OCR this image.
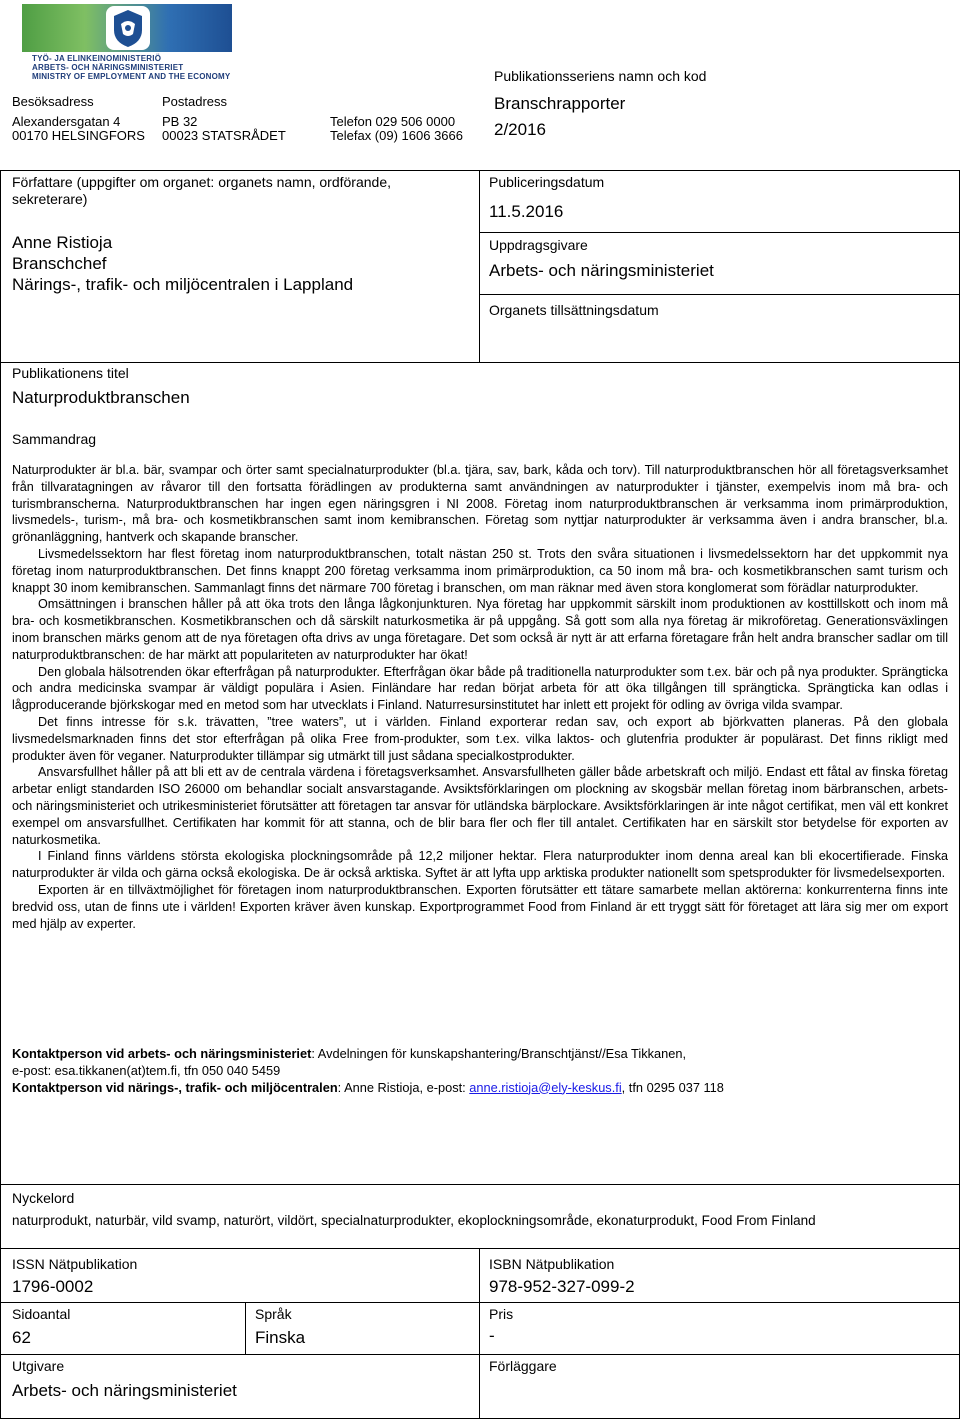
TYÖ- JA ELINKEINOMINISTERIÖ
ARBETS- OCH NÄRINGSMINISTERIET
MINISTRY OF EMPLOYMENT AND THE ECONOMY
Besöksadress
Alexandersgatan 4
00170 HELSINGFORS
Postadress
PB 32
00023 STATSRÅDET
Telefon 029 506 0000
Telefax (09) 1606 3666
Publikationsseriens namn och kod
Branschrapporter
2/2016
Författare (uppgifter om organet: organets namn, ordförande,
sekreterare)
Anne Ristioja
Branschchef
Närings-, trafik- och miljöcentralen i Lappland
Publiceringsdatum
11.5.2016
Uppdragsgivare
Arbets- och näringsministeriet
Organets tillsättningsdatum
Publikationens titel
Naturproduktbranschen
Sammandrag

Naturprodukter är bl.a. bär, svampar och örter samt specialnaturprodukter (bl.a. tjära, sav, bark, kåda och torv). Till naturproduktbranschen hör all företagsverksamhet från tillvaratagningen av råvaror till den fortsatta förädlingen av produkterna samt användningen av naturprodukter i tjänster, exempelvis inom må bra- och turismbranscherna. Naturproduktbranschen har ingen egen näringsgren i NI 2008. Företag inom naturproduktbranschen är verksamma inom primärproduktion, livsmedels-, turism-, må bra- och kosmetikbranschen samt inom kemibranschen. Företag som nyttjar naturprodukter är verksamma även i andra branscher, bl.a. grönanläggning, hantverk och skapande branscher.

Livsmedelssektorn har flest företag inom naturproduktbranschen, totalt nästan 250 st. Trots den svåra situationen i livsmedelssektorn har det uppkommit nya företag inom naturproduktbranschen. Det finns knappt 200 företag verksamma inom primärproduktion, ca 50 inom må bra- och kosmetikbranschen samt turism och knappt 30 inom kemibranschen. Sammanlagt finns det närmare 700 företag i branschen, om man räknar med även stora konglomerat som förädlar naturprodukter.

Omsättningen i branschen håller på att öka trots den långa lågkonjunkturen. Nya företag har uppkommit särskilt inom produktionen av kosttillskott och inom må bra- och kosmetikbranschen. Kosmetikbranschen och då särskilt naturkosmetika är på uppgång. Så gott som alla nya företag är mikroföretag. Generationsväxlingen inom branschen märks genom att de nya företagen ofta drivs av unga företagare. Det som också är nytt är att erfarna företagare från helt andra branscher sadlar om till naturproduktbranschen: de har märkt att populariteten av naturprodukter har ökat!

Den globala hälsotrenden ökar efterfrågan på naturprodukter. Efterfrågan ökar både på traditionella naturprodukter som t.ex. bär och på nya produkter. Sprängticka och andra medicinska svampar är väldigt populära i Asien. Finländare har redan börjat arbeta för att öka tillgången till sprängticka. Sprängticka kan odlas i lågproducerande björkskogar med en metod som har utvecklats i Finland. Naturresursinstitutet har inlett ett projekt för odling av övriga vilda svampar.

Det finns intresse för s.k. trävatten, ”tree waters”, ut i världen. Finland exporterar redan sav, och export ab björkvatten planeras. På den globala livsmedelsmarknaden finns det stor efterfrågan på olika Free from-produkter, som t.ex. vilka laktos- och glutenfria produkter är populärast. Det finns rikligt med produkter även för veganer. Naturprodukter tillämpar sig utmärkt till just sådana specialkostprodukter.

Ansvarsfullhet håller på att bli ett av de centrala värdena i företagsverksamhet. Ansvarsfullheten gäller både arbetskraft och miljö. Endast ett fåtal av finska företag arbetar enligt standarden ISO 26000 om behandlar socialt ansvarstagande. Avsiktsförklaringen om plockning av skogsbär mellan företag inom bärbranschen, arbets- och näringsministeriet och utrikesministeriet förutsätter att företagen tar ansvar för utländska bärplockare. Avsiktsförklaringen är inte något certifikat, men väl ett konkret exempel om ansvarsfullhet. Certifikaten har kommit för att stanna, och de blir bara fler och fler till antalet. Certifikaten har en särskilt stor betydelse för exporten av naturkosmetika.

I Finland finns världens största ekologiska plockningsområde på 12,2 miljoner hektar. Flera naturprodukter inom denna areal kan bli ekocertifierade. Finska naturprodukter är vilda och gärna också ekologiska. De är också arktiska. Syftet är att lyfta upp arktiska produkter nationellt som spetsprodukter för livsmedelsexporten.

Exporten är en tillväxtmöjlighet för företagen inom naturproduktbranschen. Exporten förutsätter ett tätare samarbete mellan aktörerna: konkurrenterna finns inte bredvid oss, utan de finns ute i världen! Exporten kräver även kunskap. Exportprogrammet Food from Finland är ett tryggt sätt för företaget att lära sig mer om export med hjälp av experter.

Kontaktperson vid arbets- och näringsministeriet: Avdelningen för kunskapshantering/Branschtjänst//Esa Tikkanen,
e-post: esa.tikkanen(at)tem.fi, tfn 050 040 5459
Kontaktperson vid närings-, trafik- och miljöcentralen: Anne Ristioja, e-post: anne.ristioja@ely-keskus.fi, tfn 0295 037 118
Nyckelord
naturprodukt, naturbär, vild svamp, naturört, vildört, specialnaturprodukter, ekoplockningsområde, ekonaturprodukt, Food From Finland
ISSN Nätpublikation
1796-0002
ISBN Nätpublikation
978-952-327-099-2
Sidoantal
62
Språk
Finska
Pris
-
Utgivare
Arbets- och näringsministeriet
Förläggare
